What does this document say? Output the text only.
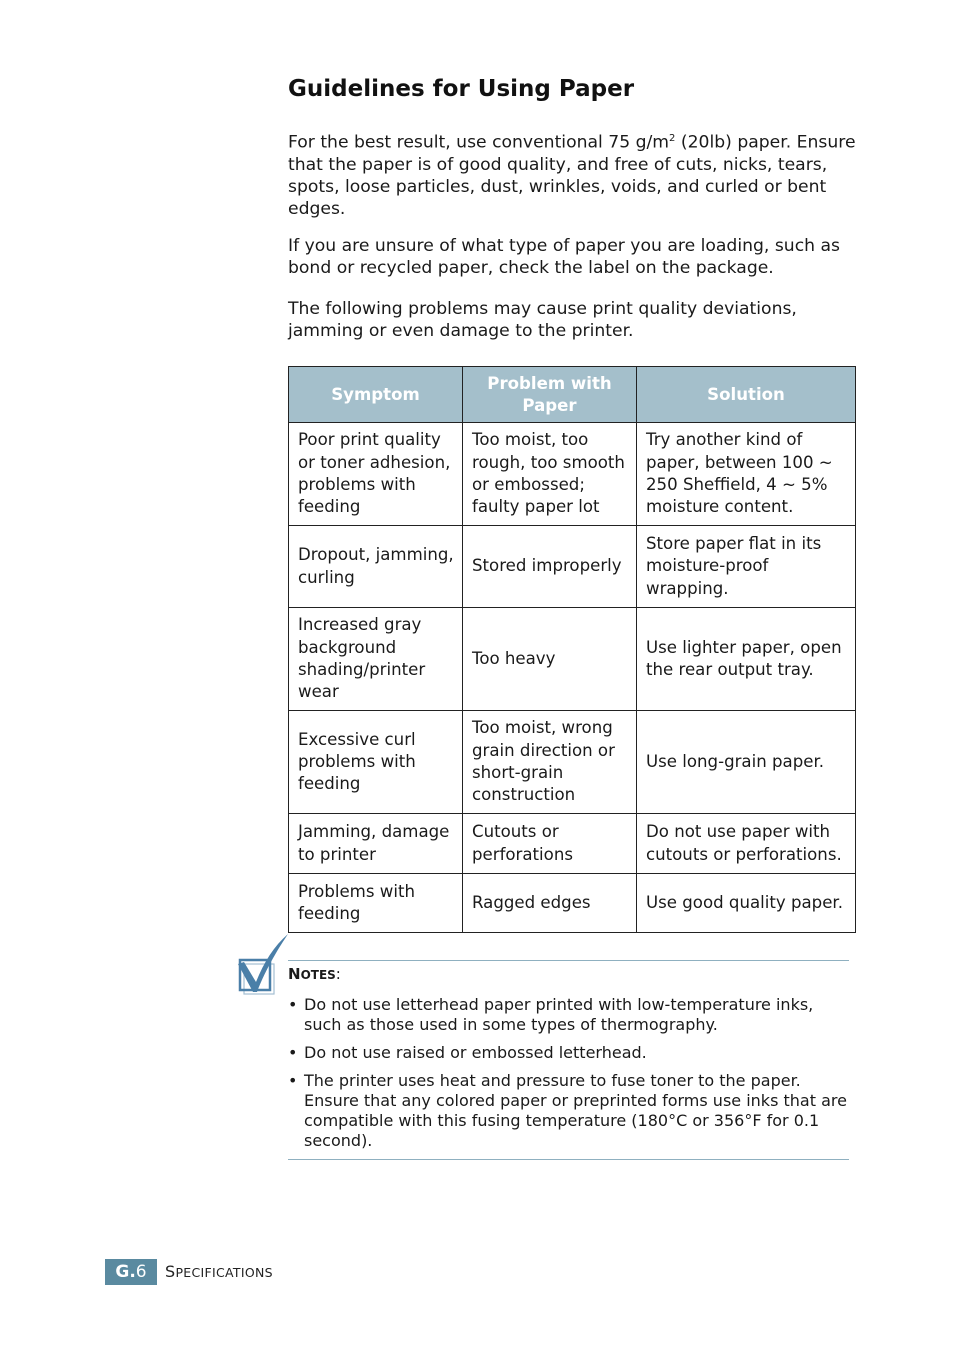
Guidelines for Using Paper

For the best result, use conventional 75 $g/m^2$ (20lb) paper. Ensure that the paper is of good quality, and free of cuts, nicks, tears, spots, loose particles, dust, wrinkles, voids, and curled or bent edges.

If you are unsure of what type of paper you are loading, such as bond or recycled paper, check the label on the package.

The following problems may cause print quality deviations, jamming or even damage to the printer.

Symptom	Problem with Paper	Solution
Poor print quality or toner adhesion, problems with feeding	Too moist, too rough, too smooth or embossed; faulty paper lot	Try another kind of paper, between 100 ~ 250 Sheffield, 4 ~ 5% moisture content.
Dropout, jamming, curling	Stored improperly	Store paper flat in its moisture-proof wrapping.
Increased gray background shading/printer wear	Too heavy	Use lighter paper, open the rear output tray.
Excessive curl problems with feeding	Too moist, wrong grain direction or short-grain construction	Use long-grain paper.
Jamming, damage to printer	Cutouts or perforations	Do not use paper with cutouts or perforations.
Problems with feeding	Ragged edges	Use good quality paper.

NOTES:

• Do not use letterhead paper printed with low-temperature inks, such as those used in some types of thermography.
• Do not use raised or embossed letterhead.
• The printer uses heat and pressure to fuse toner to the paper. Ensure that any colored paper or preprinted forms use inks that are compatible with this fusing temperature (180°C or 356°F for 0.1 second).
G.6	SPECIFICATIONS
